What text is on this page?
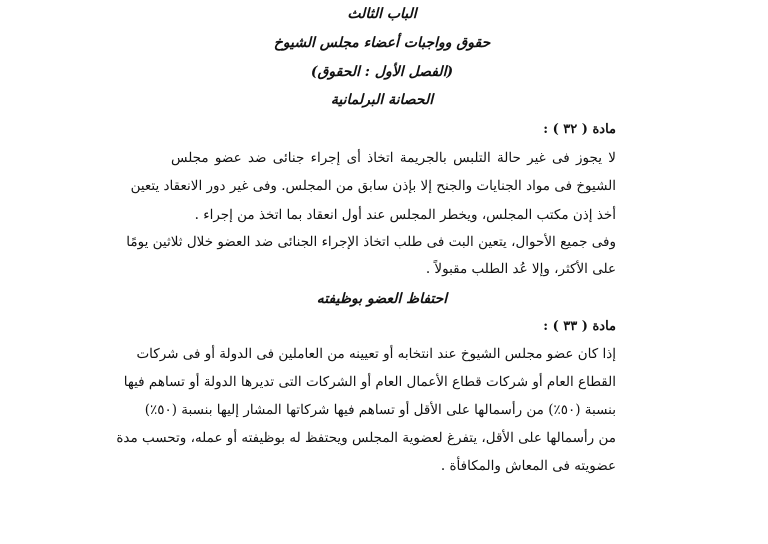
الباب الثالث
حقوق وواجبات أعضاء مجلس الشيوخ
(الفصل الأول : الحقوق)
الحصانة البرلمانية
مادة ( ٣٢ ) :
لا يجوز فى غير حالة التلبس بالجريمة اتخاذ أى إجراء جنائى ضد عضو مجلس
الشيوخ فى مواد الجنايات والجنح إلا بإذن سابق من المجلس. وفى غير دور الانعقاد يتعين
أخذ إذن مكتب المجلس، ويخطر المجلس عند أول انعقاد بما اتخذ من إجراء .
وفى جميع الأحوال، يتعين البت فى طلب اتخاذ الإجراء الجنائى ضد العضو خلال ثلاثين يومًا
على الأكثر، وإلا عُد الطلب مقبولاً .
احتفاظ العضو بوظيفته
مادة ( ٣٣ ) :
إذا كان عضو مجلس الشيوخ عند انتخابه أو تعيينه من العاملين فى الدولة أو فى شركات
القطاع العام أو شركات قطاع الأعمال العام أو الشركات التى تديرها الدولة أو تساهم فيها
بنسبة (٥٠٪) من رأسمالها على الأقل أو تساهم فيها شركاتها المشار إليها بنسبة (٥٠٪)
من رأسمالها على الأقل، يتفرغ لعضوية المجلس ويحتفظ له بوظيفته أو عمله، وتحسب مدة
عضويته فى المعاش والمكافأة .
